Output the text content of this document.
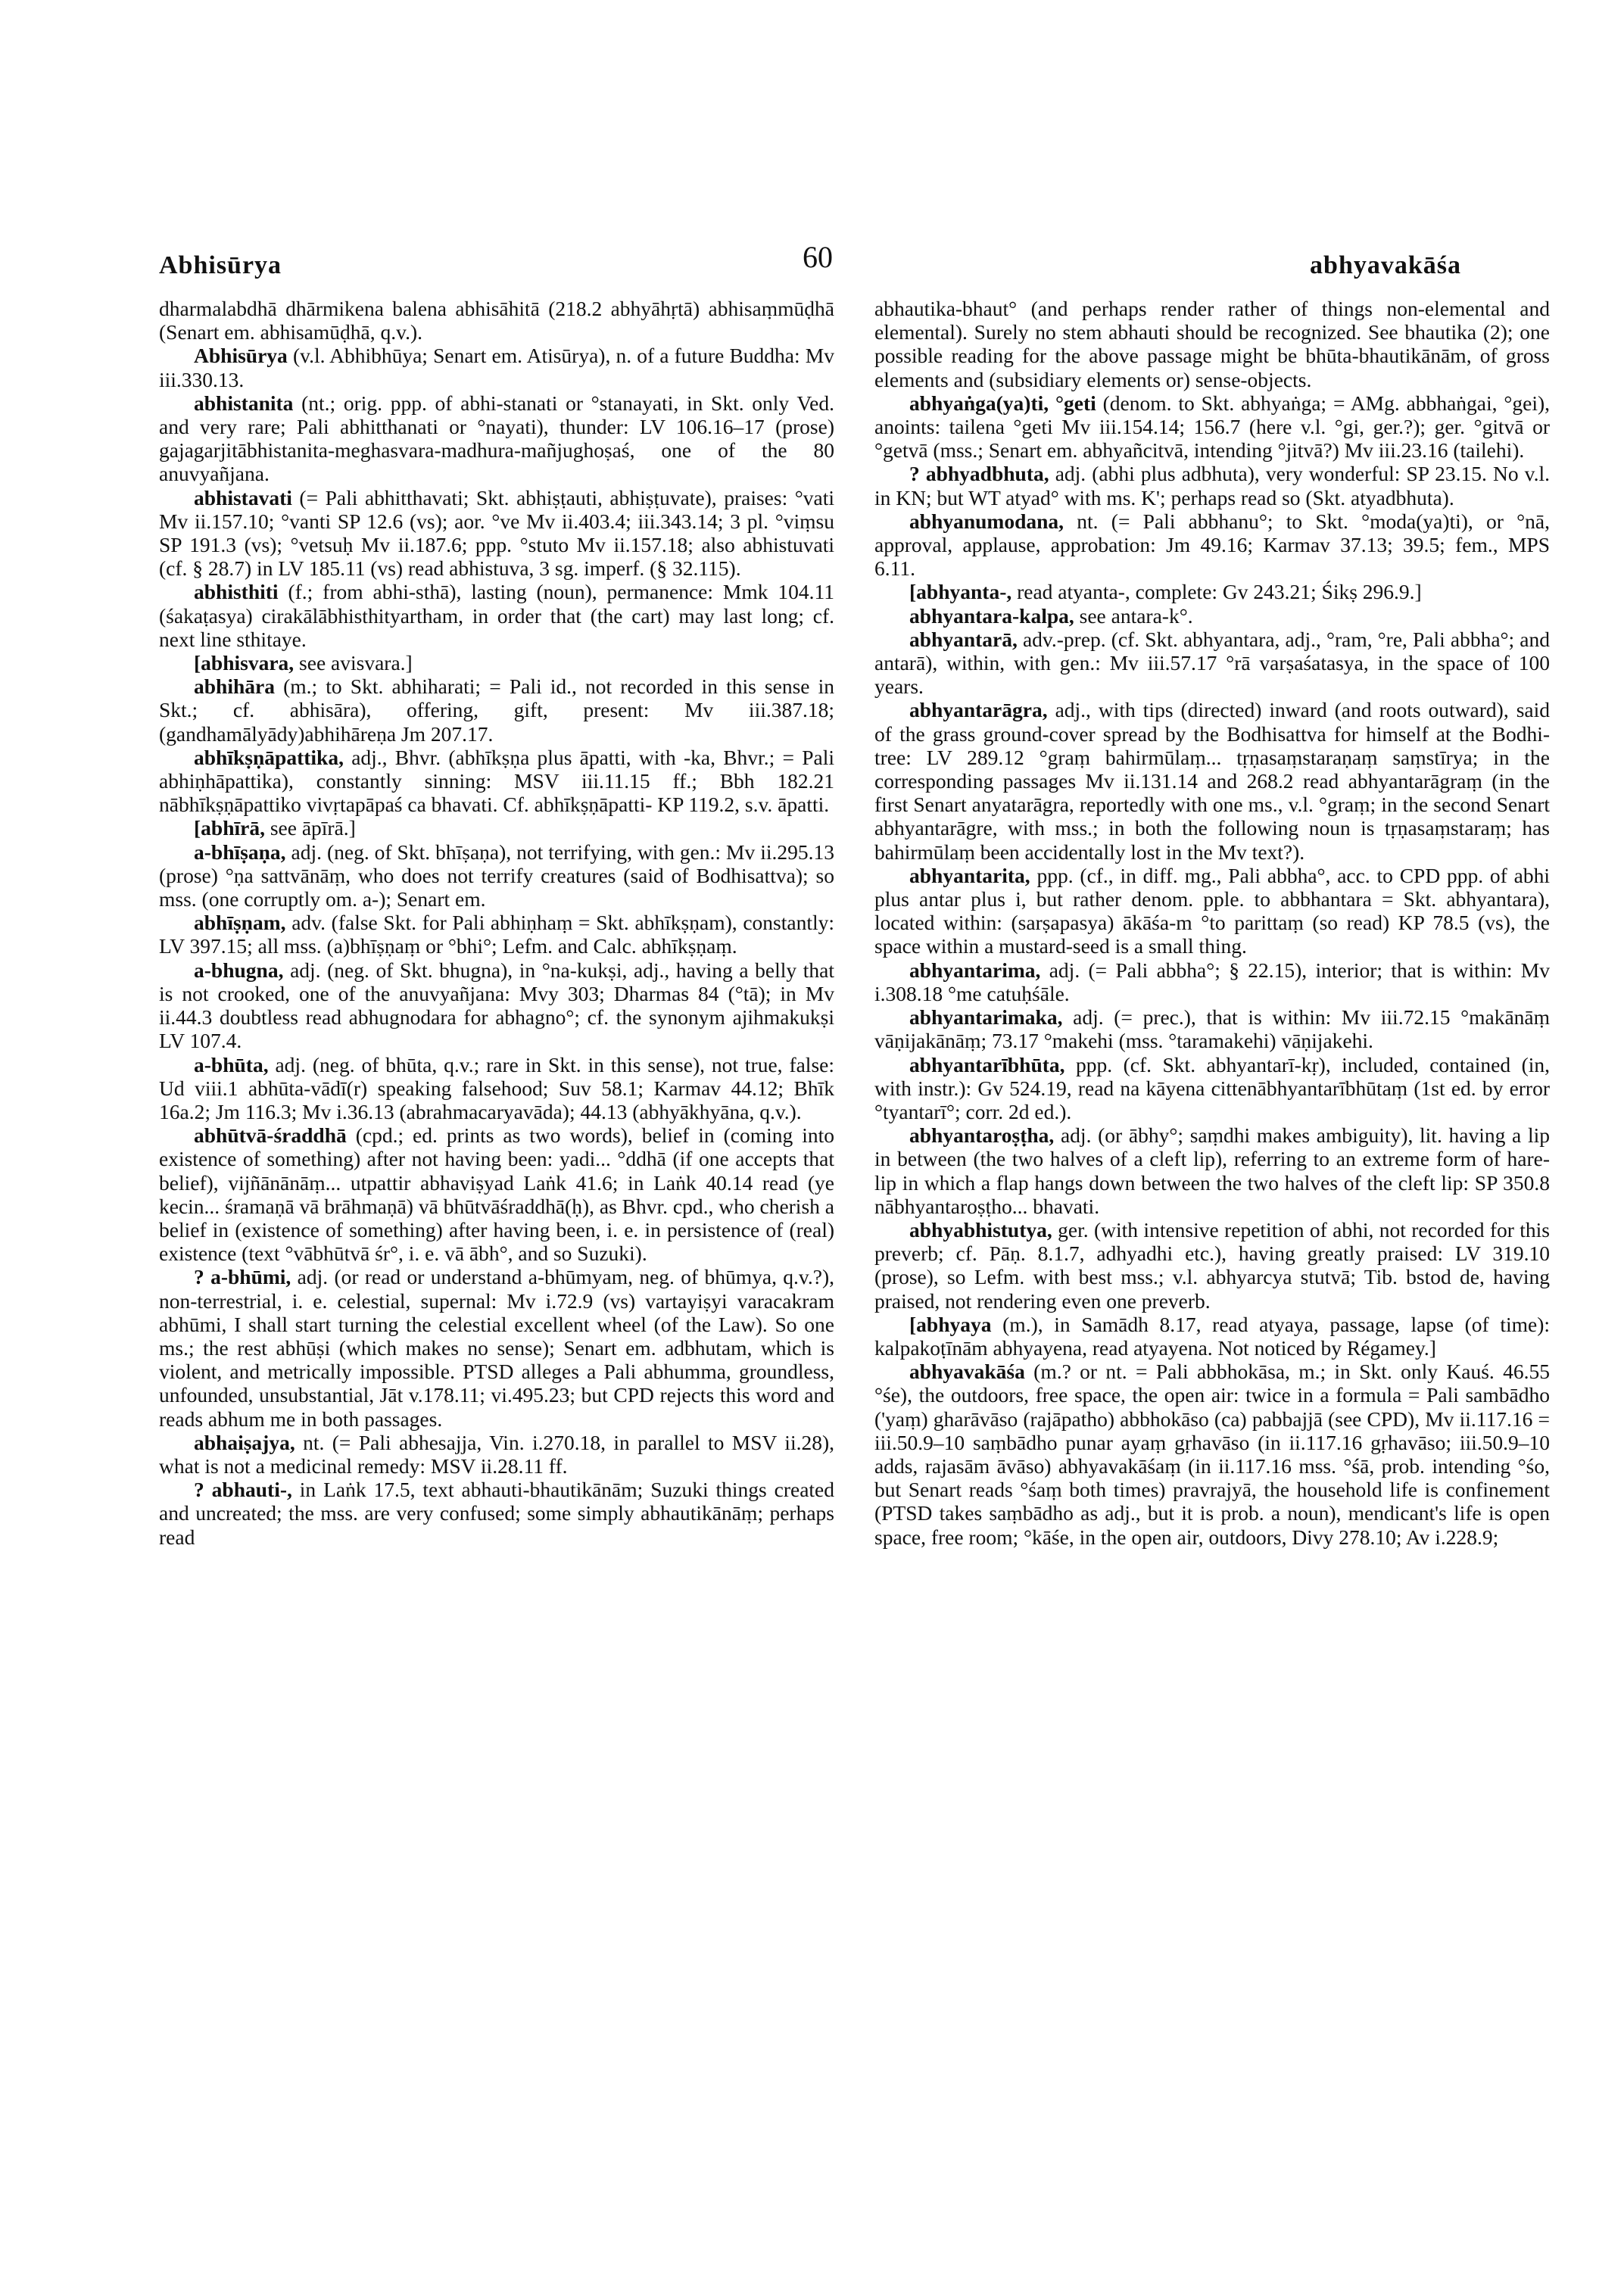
Abhisūrya	60	abhyavakāśa

dharmalabdhā dhārmikena balena abhisāhitā (218.2 abhyāhṛtā) abhisaṃmūḍhā (Senart em. abhisamūḍhā, q.v.).

Abhisūrya (v.l. Abhibhūya; Senart em. Atisūrya), n. of a future Buddha: Mv iii.330.13.

abhistanita (nt.; orig. ppp. of abhi-stanati or °stanayati, in Skt. only Ved. and very rare; Pali abhitthanati or °nayati), thunder: LV 106.16–17 (prose) gajagarjitābhistanita-meghasvara-madhura-mañjughoṣaś, one of the 80 anuvyañjana.

abhistavati (= Pali abhitthavati; Skt. abhiṣṭauti, abhiṣṭuvate), praises: °vati Mv ii.157.10; °vanti SP 12.6 (vs); aor. °ve Mv ii.403.4; iii.343.14; 3 pl. °viṃsu SP 191.3 (vs); °vetsuḥ Mv ii.187.6; ppp. °stuto Mv ii.157.18; also abhistuvati (cf. § 28.7) in LV 185.11 (vs) read abhistuva, 3 sg. imperf. (§ 32.115).

abhisthiti (f.; from abhi-sthā), lasting (noun), permanence: Mmk 104.11 (śakaṭasya) cirakālābhisthityartham, in order that (the cart) may last long; cf. next line sthitaye.

[abhisvara, see avisvara.]

abhihāra (m.; to Skt. abhiharati; = Pali id., not recorded in this sense in Skt.; cf. abhisāra), offering, gift, present: Mv iii.387.18; (gandhamālyādy)abhihāreṇa Jm 207.17.

abhīkṣṇāpattika, adj., Bhvr. (abhīkṣṇa plus āpatti, with -ka, Bhvr.; = Pali abhiṇhāpattika), constantly sinning: MSV iii.11.15 ff.; Bbh 182.21 nābhīkṣṇāpattiko vivṛtapāpaś ca bhavati. Cf. abhīkṣṇāpatti- KP 119.2, s.v. āpatti.

[abhīrā, see āpīrā.]

a-bhīṣaṇa, adj. (neg. of Skt. bhīṣaṇa), not terrifying, with gen.: Mv ii.295.13 (prose) °ṇa sattvānāṃ, who does not terrify creatures (said of Bodhisattva); so mss. (one corruptly om. a-); Senart em.

abhīṣṇam, adv. (false Skt. for Pali abhiṇhaṃ = Skt. abhīkṣṇam), constantly: LV 397.15; all mss. (a)bhīṣṇaṃ or °bhi°; Lefm. and Calc. abhīkṣṇaṃ.

a-bhugna, adj. (neg. of Skt. bhugna), in °na-kukṣi, adj., having a belly that is not crooked, one of the anuvyañjana: Mvy 303; Dharmas 84 (°tā); in Mv ii.44.3 doubtless read abhugnodara for abhagno°; cf. the synonym ajihmakukṣi LV 107.4.

a-bhūta, adj. (neg. of bhūta, q.v.; rare in Skt. in this sense), not true, false: Ud viii.1 abhūta-vādī(r) speaking falsehood; Suv 58.1; Karmav 44.12; Bhīk 16a.2; Jm 116.3; Mv i.36.13 (abrahmacaryavāda); 44.13 (abhyākhyāna, q.v.).

abhūtvā-śraddhā (cpd.; ed. prints as two words), belief in (coming into existence of something) after not having been: yadi... °ddhā (if one accepts that belief), vijñānānāṃ... utpattir abhaviṣyad Laṅk 41.6; in Laṅk 40.14 read (ye kecin... śramaṇā vā brāhmaṇā) vā bhūtvāśraddhā(ḥ), as Bhvr. cpd., who cherish a belief in (existence of something) after having been, i. e. in persistence of (real) existence (text °vābhūtvā śr°, i. e. vā ābh°, and so Suzuki).

? a-bhūmi, adj. (or read or understand a-bhūmyam, neg. of bhūmya, q.v.?), non-terrestrial, i. e. celestial, supernal: Mv i.72.9 (vs) vartayiṣyi varacakram abhūmi, I shall start turning the celestial excellent wheel (of the Law). So one ms.; the rest abhūṣi (which makes no sense); Senart em. adbhutam, which is violent, and metrically impossible. PTSD alleges a Pali abhumma, groundless, unfounded, unsubstantial, Jāt v.178.11; vi.495.23; but CPD rejects this word and reads abhum me in both passages.

abhaiṣajya, nt. (= Pali abhesajja, Vin. i.270.18, in parallel to MSV ii.28), what is not a medicinal remedy: MSV ii.28.11 ff.

? abhauti-, in Laṅk 17.5, text abhauti-bhautikānām; Suzuki things created and uncreated; the mss. are very confused; some simply abhautikānāṃ; perhaps read

abhautika-bhaut° (and perhaps render rather of things non-elemental and elemental). Surely no stem abhauti should be recognized. See bhautika (2); one possible reading for the above passage might be bhūta-bhautikānām, of gross elements and (subsidiary elements or) sense-objects.

abhyaṅga(ya)ti, °geti (denom. to Skt. abhyaṅga; = AMg. abbhaṅgai, °gei), anoints: tailena °geti Mv iii.154.14; 156.7 (here v.l. °gi, ger.?); ger. °gitvā or °getvā (mss.; Senart em. abhyañcitvā, intending °jitvā?) Mv iii.23.16 (tailehi).

? abhyadbhuta, adj. (abhi plus adbhuta), very wonderful: SP 23.15. No v.l. in KN; but WT atyad° with ms. K'; perhaps read so (Skt. atyadbhuta).

abhyanumodana, nt. (= Pali abbhanu°; to Skt. °moda(ya)ti), or °nā, approval, applause, approbation: Jm 49.16; Karmav 37.13; 39.5; fem., MPS 6.11.

[abhyanta-, read atyanta-, complete: Gv 243.21; Śikṣ 296.9.]

abhyantara-kalpa, see antara-k°.

abhyantarā, adv.-prep. (cf. Skt. abhyantara, adj., °ram, °re, Pali abbha°; and antarā), within, with gen.: Mv iii.57.17 °rā varṣaśatasya, in the space of 100 years.

abhyantarāgra, adj., with tips (directed) inward (and roots outward), said of the grass ground-cover spread by the Bodhisattva for himself at the Bodhi-tree: LV 289.12 °graṃ bahirmūlaṃ... tṛṇasaṃstaraṇaṃ saṃstīrya; in the corresponding passages Mv ii.131.14 and 268.2 read abhyantarāgraṃ (in the first Senart anyatarāgra, reportedly with one ms., v.l. °graṃ; in the second Senart abhyantarāgre, with mss.; in both the following noun is tṛṇasaṃstaraṃ; has bahirmūlaṃ been accidentally lost in the Mv text?).

abhyantarita, ppp. (cf., in diff. mg., Pali abbha°, acc. to CPD ppp. of abhi plus antar plus i, but rather denom. pple. to abbhantara = Skt. abhyantara), located within: (sarṣapasya) ākāśa-m °to parittaṃ (so read) KP 78.5 (vs), the space within a mustard-seed is a small thing.

abhyantarima, adj. (= Pali abbha°; § 22.15), interior; that is within: Mv i.308.18 °me catuḥśāle.

abhyantarimaka, adj. (= prec.), that is within: Mv iii.72.15 °makānāṃ vāṇijakānāṃ; 73.17 °makehi (mss. °taramakehi) vāṇijakehi.

abhyantarībhūta, ppp. (cf. Skt. abhyantarī-kṛ), included, contained (in, with instr.): Gv 524.19, read na kāyena cittenābhyantarībhūtaṃ (1st ed. by error °tyantarī°; corr. 2d ed.).

abhyantaroṣṭha, adj. (or ābhy°; saṃdhi makes ambiguity), lit. having a lip in between (the two halves of a cleft lip), referring to an extreme form of hare-lip in which a flap hangs down between the two halves of the cleft lip: SP 350.8 nābhyantaroṣṭho... bhavati.

abhyabhistutya, ger. (with intensive repetition of abhi, not recorded for this preverb; cf. Pāṇ. 8.1.7, adhyadhi etc.), having greatly praised: LV 319.10 (prose), so Lefm. with best mss.; v.l. abhyarcya stutvā; Tib. bstod de, having praised, not rendering even one preverb.

[abhyaya (m.), in Samādh 8.17, read atyaya, passage, lapse (of time): kalpakoṭīnām abhyayena, read atyayena. Not noticed by Régamey.]

abhyavakāśa (m.? or nt. = Pali abbhokāsa, m.; in Skt. only Kauś. 46.55 °śe), the outdoors, free space, the open air: twice in a formula = Pali sambādho ('yaṃ) gharāvāso (rajāpatho) abbhokāso (ca) pabbajjā (see CPD), Mv ii.117.16 = iii.50.9–10 saṃbādho punar ayaṃ gṛhavāso (in ii.117.16 gṛhavāso; iii.50.9–10 adds, rajasām āvāso) abhyavakāśaṃ (in ii.117.16 mss. °śā, prob. intending °śo, but Senart reads °śaṃ both times) pravrajyā, the household life is confinement (PTSD takes saṃbādho as adj., but it is prob. a noun), mendicant's life is open space, free room; °kāśe, in the open air, outdoors, Divy 278.10; Av i.228.9;
